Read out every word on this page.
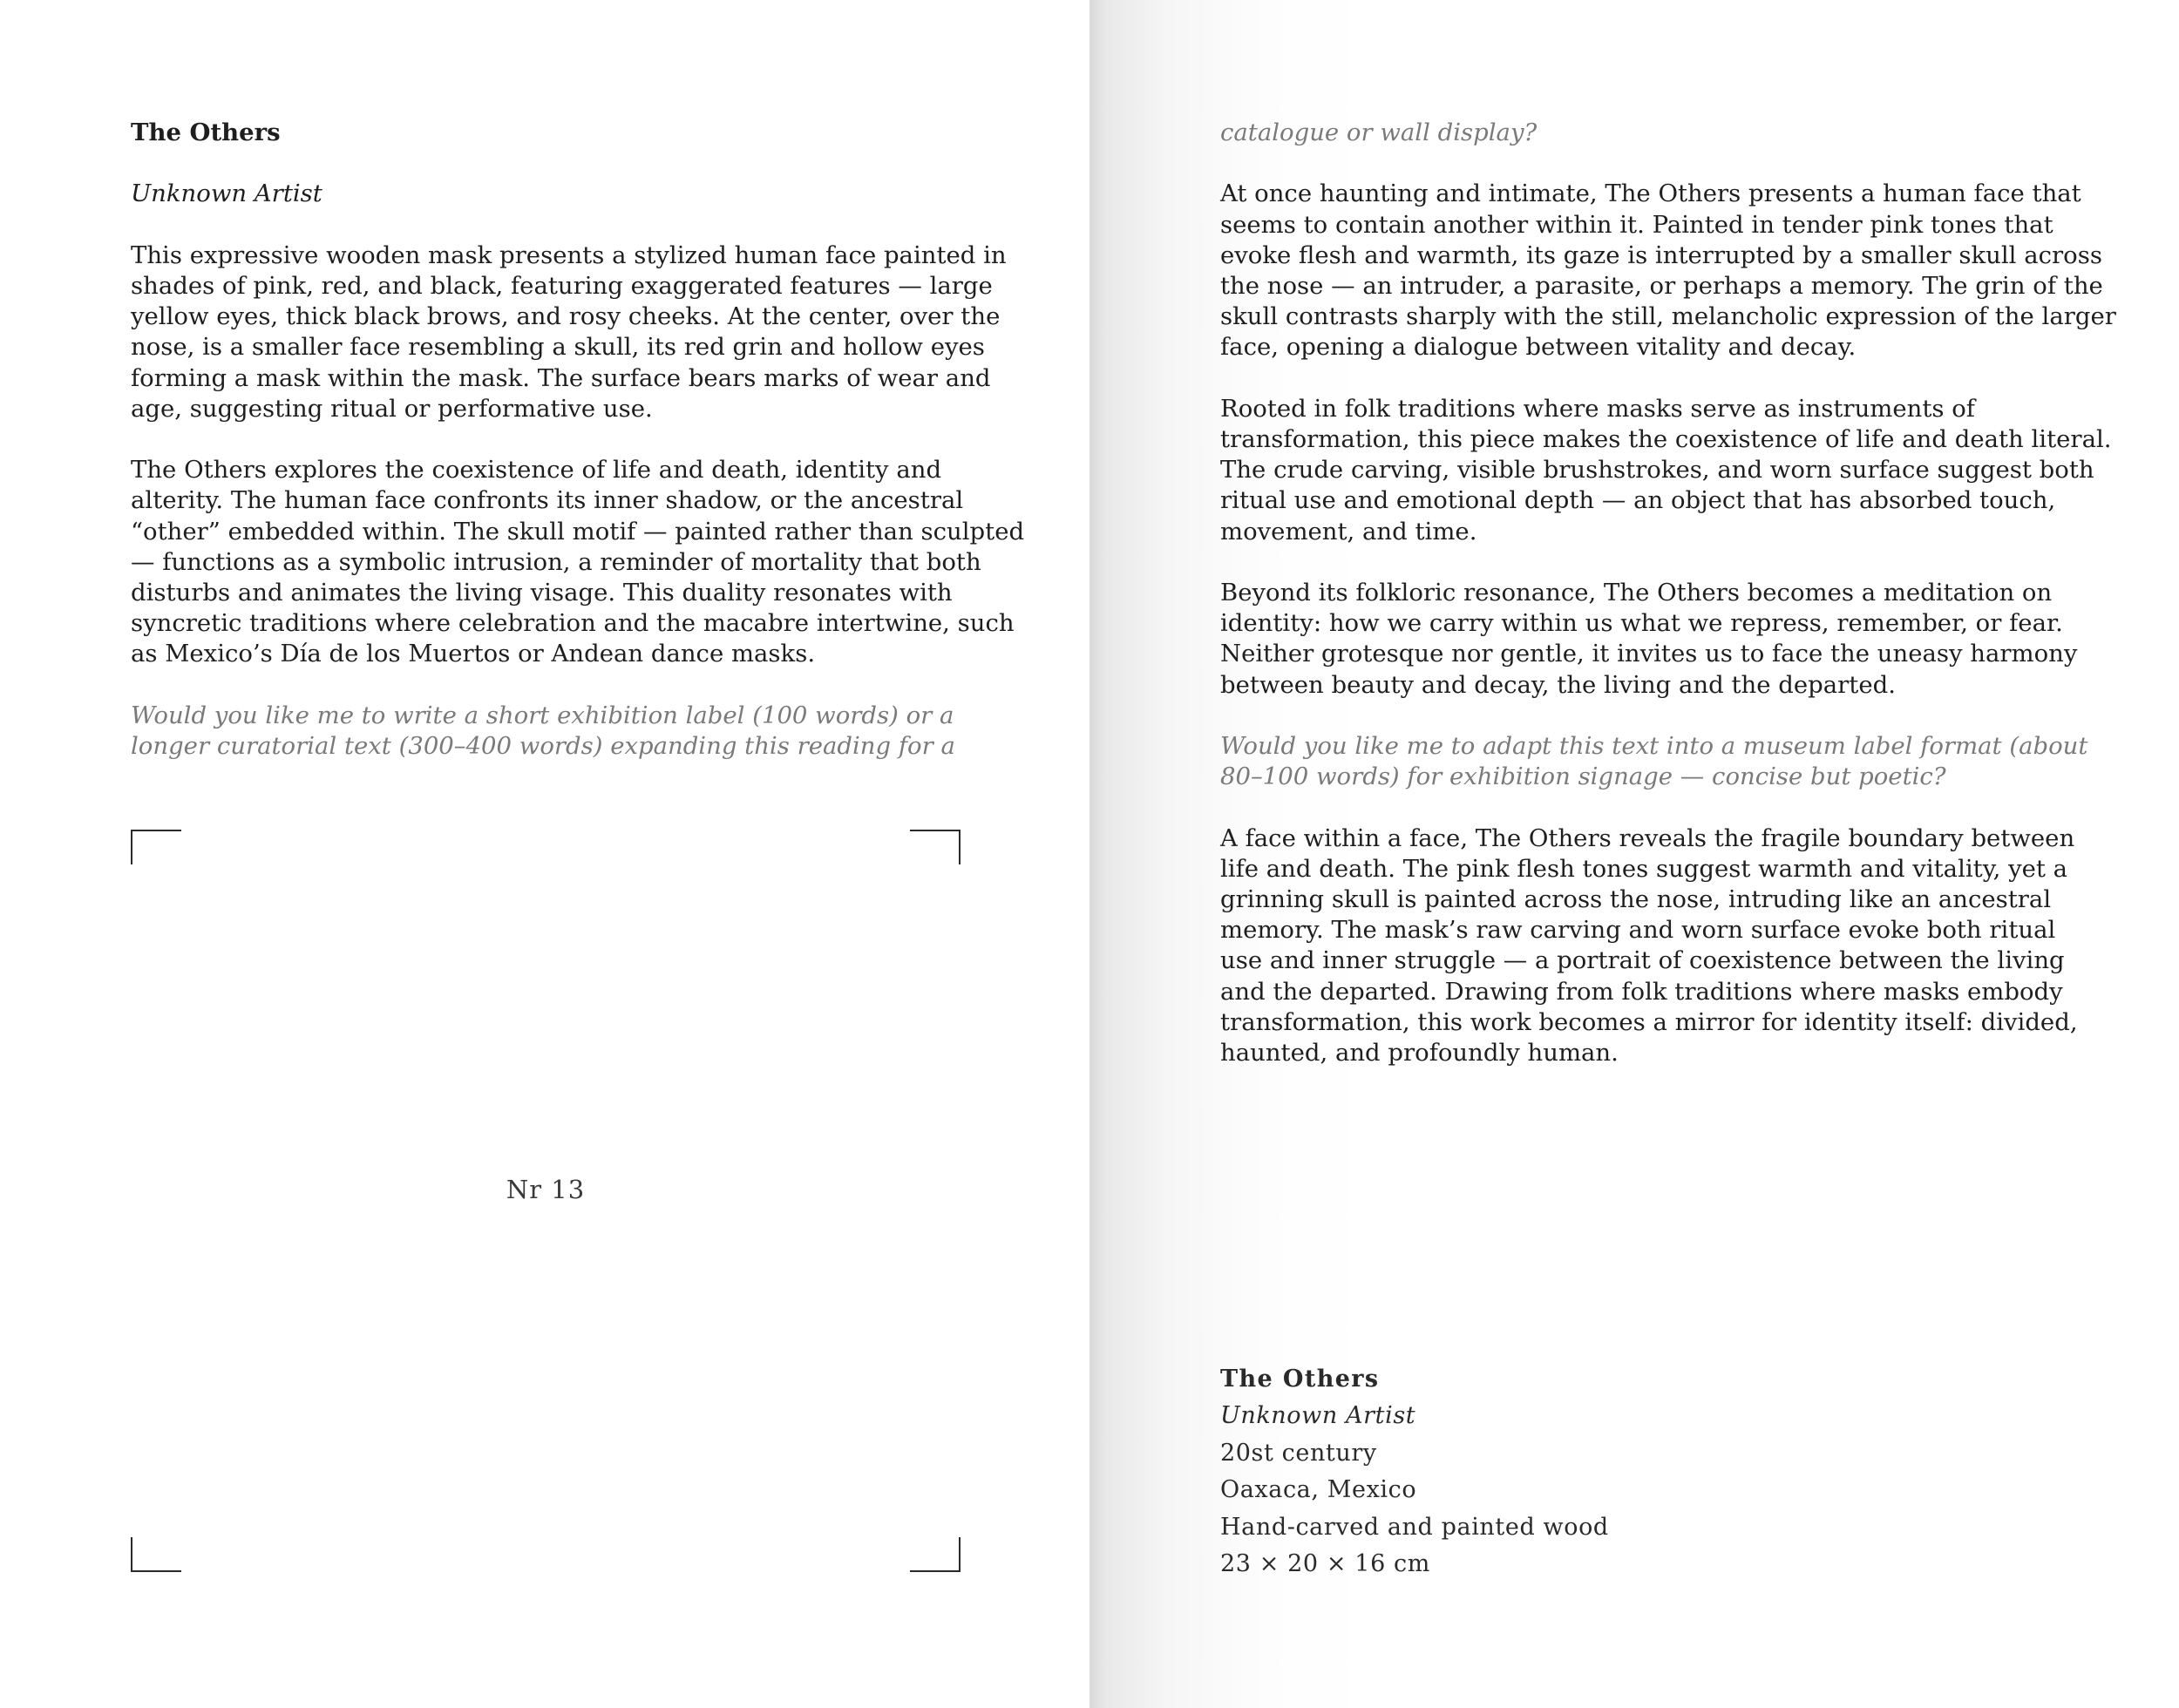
The Others

Unknown Artist

This expressive wooden mask presents a stylized human face painted in
shades of pink, red, and black, featuring exaggerated features — large
yellow eyes, thick black brows, and rosy cheeks. At the center, over the
nose, is a smaller face resembling a skull, its red grin and hollow eyes
forming a mask within the mask. The surface bears marks of wear and
age, suggesting ritual or performative use.

The Others explores the coexistence of life and death, identity and
alterity. The human face confronts its inner shadow, or the ancestral
“other” embedded within. The skull motif — painted rather than sculpted
— functions as a symbolic intrusion, a reminder of mortality that both
disturbs and animates the living visage. This duality resonates with
syncretic traditions where celebration and the macabre intertwine, such
as Mexico’s Día de los Muertos or Andean dance masks.

Would you like me to write a short exhibition label (100 words) or a
longer curatorial text (300–400 words) expanding this reading for a

Nr 13

catalogue or wall display?

At once haunting and intimate, The Others presents a human face that
seems to contain another within it. Painted in tender pink tones that
evoke flesh and warmth, its gaze is interrupted by a smaller skull across
the nose — an intruder, a parasite, or perhaps a memory. The grin of the
skull contrasts sharply with the still, melancholic expression of the larger
face, opening a dialogue between vitality and decay.

Rooted in folk traditions where masks serve as instruments of
transformation, this piece makes the coexistence of life and death literal.
The crude carving, visible brushstrokes, and worn surface suggest both
ritual use and emotional depth — an object that has absorbed touch,
movement, and time.

Beyond its folkloric resonance, The Others becomes a meditation on
identity: how we carry within us what we repress, remember, or fear.
Neither grotesque nor gentle, it invites us to face the uneasy harmony
between beauty and decay, the living and the departed.

Would you like me to adapt this text into a museum label format (about
80–100 words) for exhibition signage — concise but poetic?

A face within a face, The Others reveals the fragile boundary between
life and death. The pink flesh tones suggest warmth and vitality, yet a
grinning skull is painted across the nose, intruding like an ancestral
memory. The mask’s raw carving and worn surface evoke both ritual
use and inner struggle — a portrait of coexistence between the living
and the departed. Drawing from folk traditions where masks embody
transformation, this work becomes a mirror for identity itself: divided,
haunted, and profoundly human.

The Others
Unknown Artist
20st century
Oaxaca, Mexico
Hand-carved and painted wood
23 × 20 × 16 cm
